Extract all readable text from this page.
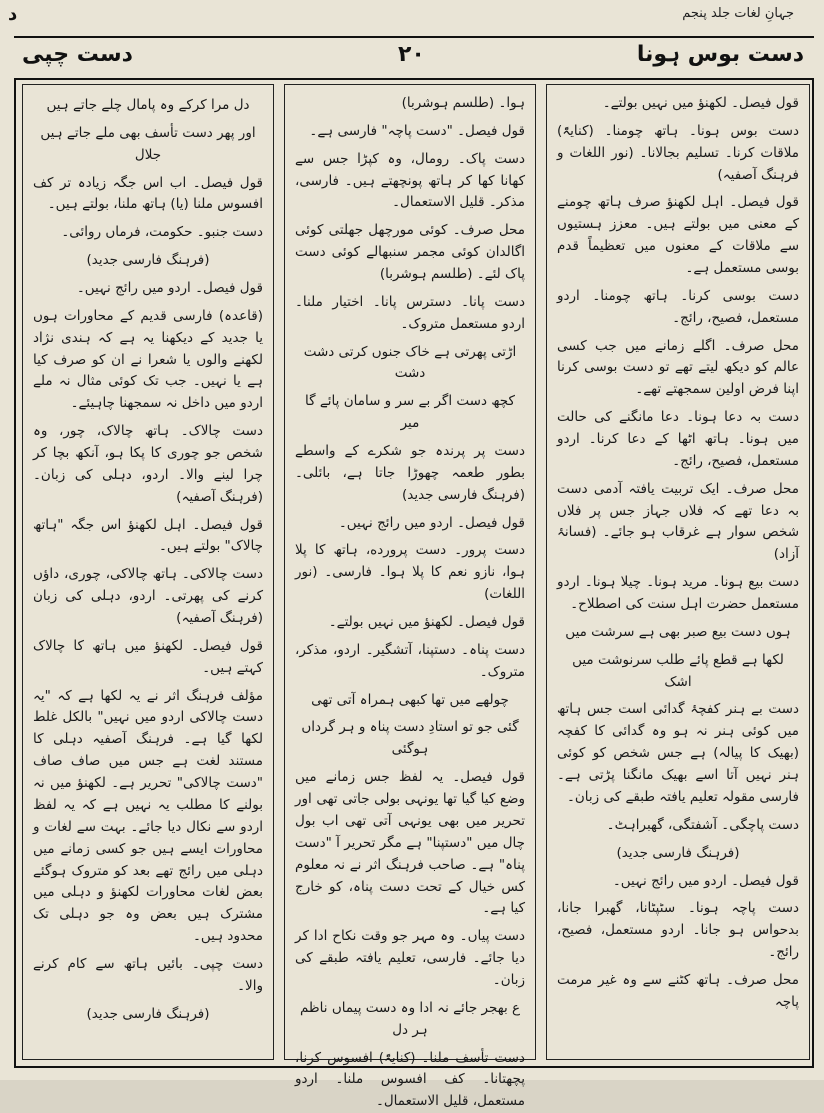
د	جہانِ لغات جلد پنجم
دست بوس ہونا
۲۰
دست چپی

قول فیصل۔ لکھنؤ میں نہیں بولتے۔

دست بوس ہونا۔ ہاتھ چومنا۔ (کنایۃً) ملاقات کرنا۔ تسلیم بجالانا۔ (نور اللغات و فرہنگ آصفیہ)

قول فیصل۔ اہل لکھنؤ صرف ہاتھ چومنے کے معنی میں بولتے ہیں۔ معزز ہستیوں سے ملاقات کے معنوں میں تعظیماً قدم بوسی مستعمل ہے۔

دست بوسی کرنا۔ ہاتھ چومنا۔ اردو مستعمل، فصیح، رائج۔

محل صرف۔ اگلے زمانے میں جب کسی عالم کو دیکھ لیتے تھے تو دست بوسی کرنا اپنا فرض اولین سمجھتے تھے۔

دست بہ دعا ہونا۔ دعا مانگنے کی حالت میں ہونا۔ ہاتھ اٹھا کے دعا کرنا۔ اردو مستعمل، فصیح، رائج۔

محل صرف۔ ایک تربیت یافتہ آدمی دست بہ دعا تھے کہ فلاں جہاز جس پر فلاں شخص سوار ہے غرقاب ہو جائے۔ (فسانۂ آزاد)

دست بیع ہونا۔ مرید ہونا۔ چیلا ہونا۔ اردو مستعمل حضرت اہل سنت کی اصطلاح۔

ہوں دست بیع صبر بھی ہے سرشت میں
لکھا ہے قطع پائے طلب سرنوشت میں اشک

دست بے ہنر کفچۂ گدائی است جس ہاتھ میں کوئی ہنر نہ ہو وہ گدائی کا کفچہ (بھیک کا پیالہ) ہے جس شخص کو کوئی ہنر نہیں آتا اسے بھیک مانگنا پڑتی ہے۔ فارسی مقولہ تعلیم یافتہ طبقے کی زبان۔

دست پاچگی۔ آشفتگی، گھبراہٹ۔

(فرہنگ فارسی جدید)

قول فیصل۔ اردو میں رائج نہیں۔

دست پاچہ ہونا۔ سٹپٹانا، گھبرا جانا، بدحواس ہو جانا۔ اردو مستعمل، فصیح، رائج۔

محل صرف۔ ہاتھ کٹنے سے وہ غیر مرمت پاچہ

ہوا۔ (طلسم ہوشربا)

قول فیصل۔ "دست پاچہ" فارسی ہے۔

دست پاک۔ رومال، وہ کپڑا جس سے کھانا کھا کر ہاتھ پونچھتے ہیں۔ فارسی، مذکر۔ قلیل الاستعمال۔

محل صرف۔ کوئی مورچھل جھلتی کوئی اگالدان کوئی مجمر سنبھالے کوئی دست پاک لئے۔ (طلسم ہوشربا)

دست پانا۔ دسترس پانا۔ اختیار ملنا۔ اردو مستعمل متروک۔

اڑتی پھرتی ہے خاک جنوں کرتی دشت دشت
کچھ دست اگر بے سر و سامان پائے گا میر

دست پر پرندہ جو شکرے کے واسطے بطور طعمہ چھوڑا جاتا ہے، بائلی۔ (فرہنگ فارسی جدید)

قول فیصل۔ اردو میں رائج نہیں۔

دست پرور۔ دست پرورده، ہاتھ کا پلا ہوا، نازو نعم کا پلا ہوا۔ فارسی۔ (نور اللغات)

قول فیصل۔ لکھنؤ میں نہیں بولتے۔

دست پناہ۔ دستپنا، آتشگیر۔ اردو، مذکر، متروک۔

چولھے میں تھا کبھی ہمراہ آتی تھی
گئی جو تو استادِ دست پناہ و ہر گرداں ہوگئی

قول فیصل۔ یہ لفظ جس زمانے میں وضع کیا گیا تھا یونہی بولی جاتی تھی اور تحریر میں بھی یونہی آتی تھی اب بول چال میں "دستپنا" ہے مگر تحریر آ "دست پناہ" ہے۔ صاحب فرہنگ اثر نے نہ معلوم کس خیال کے تحت دست پناہ، کو خارج کیا ہے۔

دست پیاں۔ وہ مہر جو وقت نکاح ادا کر دیا جائے۔ فارسی، تعلیم یافتہ طبقے کی زبان۔

ع بھجر جائے نہ ادا وہ دست پیماں ناظم ہر دل

دست تأسف ملنا۔ (کنایۃً) افسوس کرنا، پچھتانا۔ کف افسوس ملنا۔ اردو مستعمل، قلیل الاستعمال۔

دل مرا کرکے وہ پامال چلے جاتے ہیں
اور پھر دست تأسف بھی ملے جاتے ہیں جلال

قول فیصل۔ اب اس جگہ زیادہ تر کف افسوس ملنا (یا) ہاتھ ملنا، بولتے ہیں۔

دست جنبو۔ حکومت، فرماں روائی۔

(فرہنگ فارسی جدید)

قول فیصل۔ اردو میں رائج نہیں۔

(قاعدہ) فارسی قدیم کے محاورات ہوں یا جدید کے دیکھنا یہ ہے کہ ہندی نژاد لکھنے والوں یا شعرا نے ان کو صرف کیا ہے یا نہیں۔ جب تک کوئی مثال نہ ملے اردو میں داخل نہ سمجھنا چاہیئے۔

دست چالاک۔ ہاتھ چالاک، چور، وہ شخص جو چوری کا پکا ہو، آنکھ بچا کر چرا لینے والا۔ اردو، دہلی کی زبان۔ (فرہنگ آصفیہ)

قول فیصل۔ اہل لکھنؤ اس جگہ "ہاتھ چالاک" بولتے ہیں۔

دست چالاکی۔ ہاتھ چالاکی، چوری، داؤں کرنے کی پھرتی۔ اردو، دہلی کی زبان (فرہنگ آصفیہ)

قول فیصل۔ لکھنؤ میں ہاتھ کا چالاک کہتے ہیں۔

مؤلف فرہنگ اثر نے یہ لکھا ہے کہ "یہ دست چالاکی اردو میں نہیں" بالکل غلط لکھا گیا ہے۔ فرہنگ آصفیہ دہلی کا مستند لغت ہے جس میں صاف صاف "دست چالاکی" تحریر ہے۔ لکھنؤ میں نہ بولنے کا مطلب یہ نہیں ہے کہ یہ لفظ اردو سے نکال دیا جائے۔ بہت سے لغات و محاورات ایسے ہیں جو کسی زمانے میں دہلی میں رائج تھے بعد کو متروک ہوگئے بعض لغات محاورات لکھنؤ و دہلی میں مشترک ہیں بعض وہ جو دہلی تک محدود ہیں۔

دست چپی۔ بائیں ہاتھ سے کام کرنے والا۔

(فرہنگ فارسی جدید)
